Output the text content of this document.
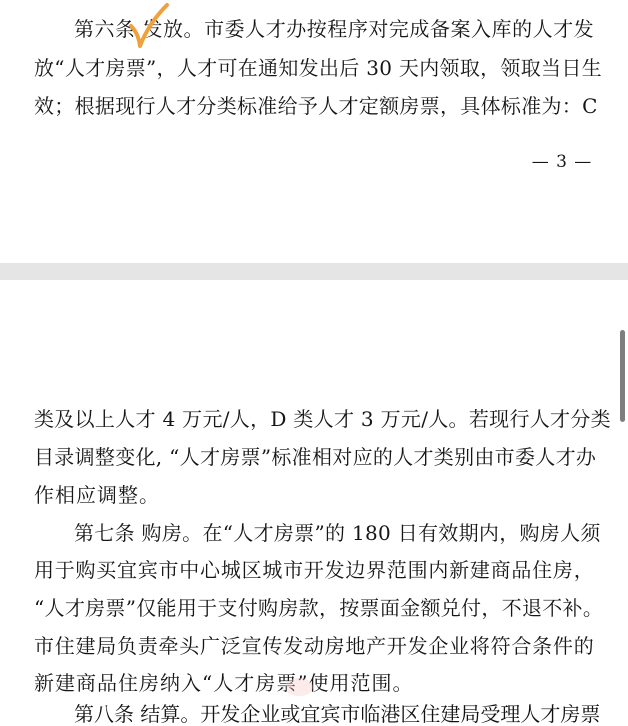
第六条 发放。市委人才办按程序对完成备案入库的人才发
放“人才房票”，人才可在通知发出后 30 天内领取，领取当日生
效；根据现行人才分类标准给予人才定额房票，具体标准为：C
— 3 —
类及以上人才 4 万元/人，D 类人才 3 万元/人。若现行人才分类
目录调整变化, “人才房票”标准相对应的人才类别由市委人才办
作相应调整。
第七条 购房。在“人才房票”的 180 日有效期内，购房人须
用于购买宜宾市中心城区城市开发边界范围内新建商品住房，
“人才房票”仅能用于支付购房款，按票面金额兑付，不退不补。
市住建局负责牵头广泛宣传发动房地产开发企业将符合条件的
新建商品住房纳入“人才房票”使用范围。
第八条 结算。开发企业或宜宾市临港区住建局受理人才房票
